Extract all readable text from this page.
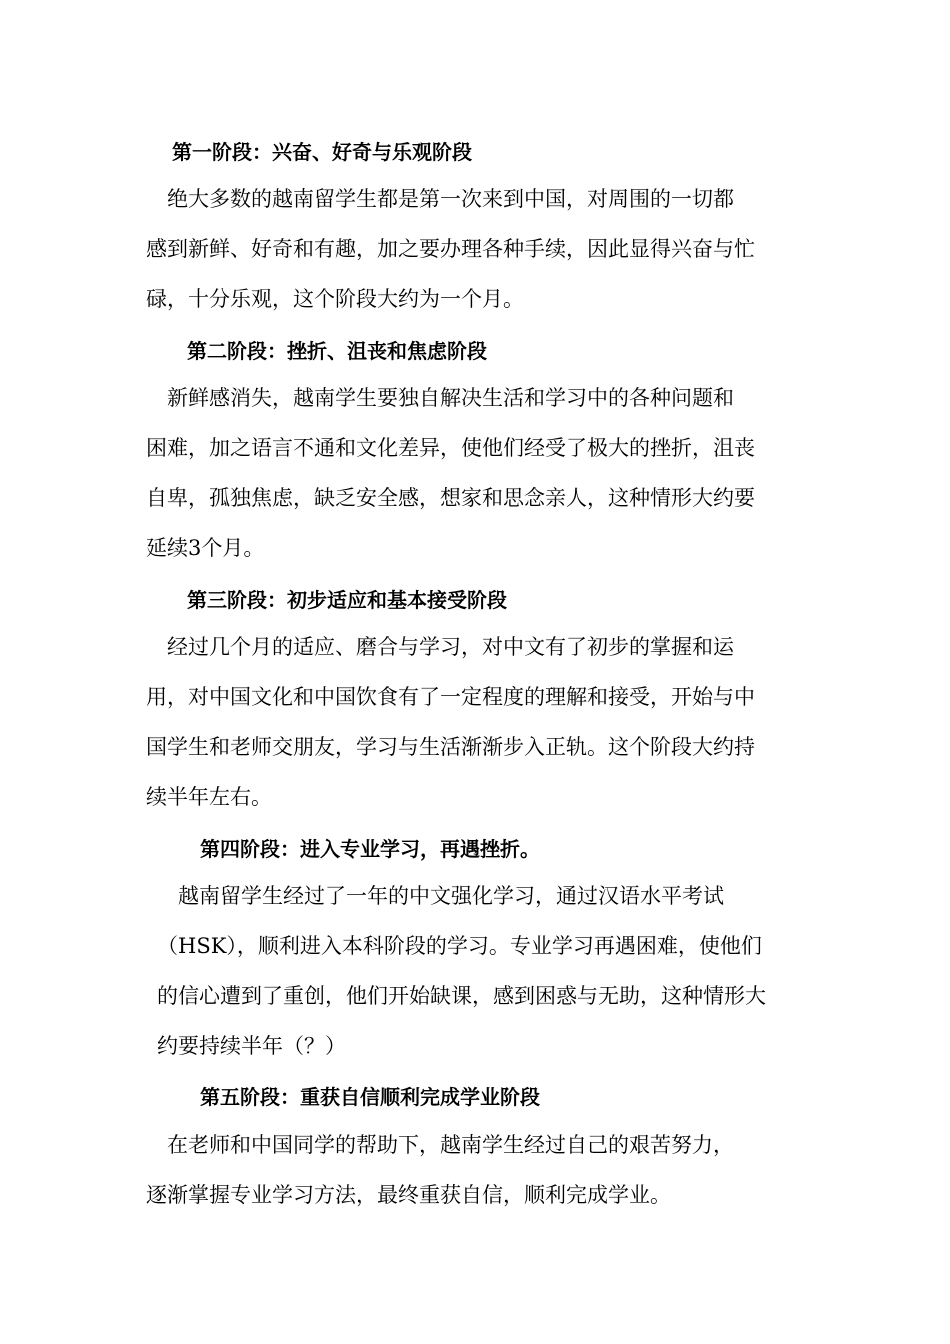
第一阶段：兴奋、好奇与乐观阶段
　绝大多数的越南留学生都是第一次来到中国，对周围的一切都
感到新鲜、好奇和有趣，加之要办理各种手续，因此显得兴奋与忙
碌，十分乐观，这个阶段大约为一个月。
第二阶段：挫折、沮丧和焦虑阶段
　新鲜感消失，越南学生要独自解决生活和学习中的各种问题和
困难，加之语言不通和文化差异，使他们经受了极大的挫折，沮丧
自卑，孤独焦虑，缺乏安全感，想家和思念亲人，这种情形大约要
延续3个月。
第三阶段：初步适应和基本接受阶段
　经过几个月的适应、磨合与学习，对中文有了初步的掌握和运
用，对中国文化和中国饮食有了一定程度的理解和接受，开始与中
国学生和老师交朋友，学习与生活渐渐步入正轨。这个阶段大约持
续半年左右。
第四阶段：进入专业学习，再遇挫折。
　越南留学生经过了一年的中文强化学习，通过汉语水平考试
（HSK），顺利进入本科阶段的学习。专业学习再遇困难，使他们
的信心遭到了重创，他们开始缺课，感到困惑与无助，这种情形大
约要持续半年（？）
第五阶段：重获自信顺利完成学业阶段
　在老师和中国同学的帮助下，越南学生经过自己的艰苦努力，
逐渐掌握专业学习方法，最终重获自信，顺利完成学业。
